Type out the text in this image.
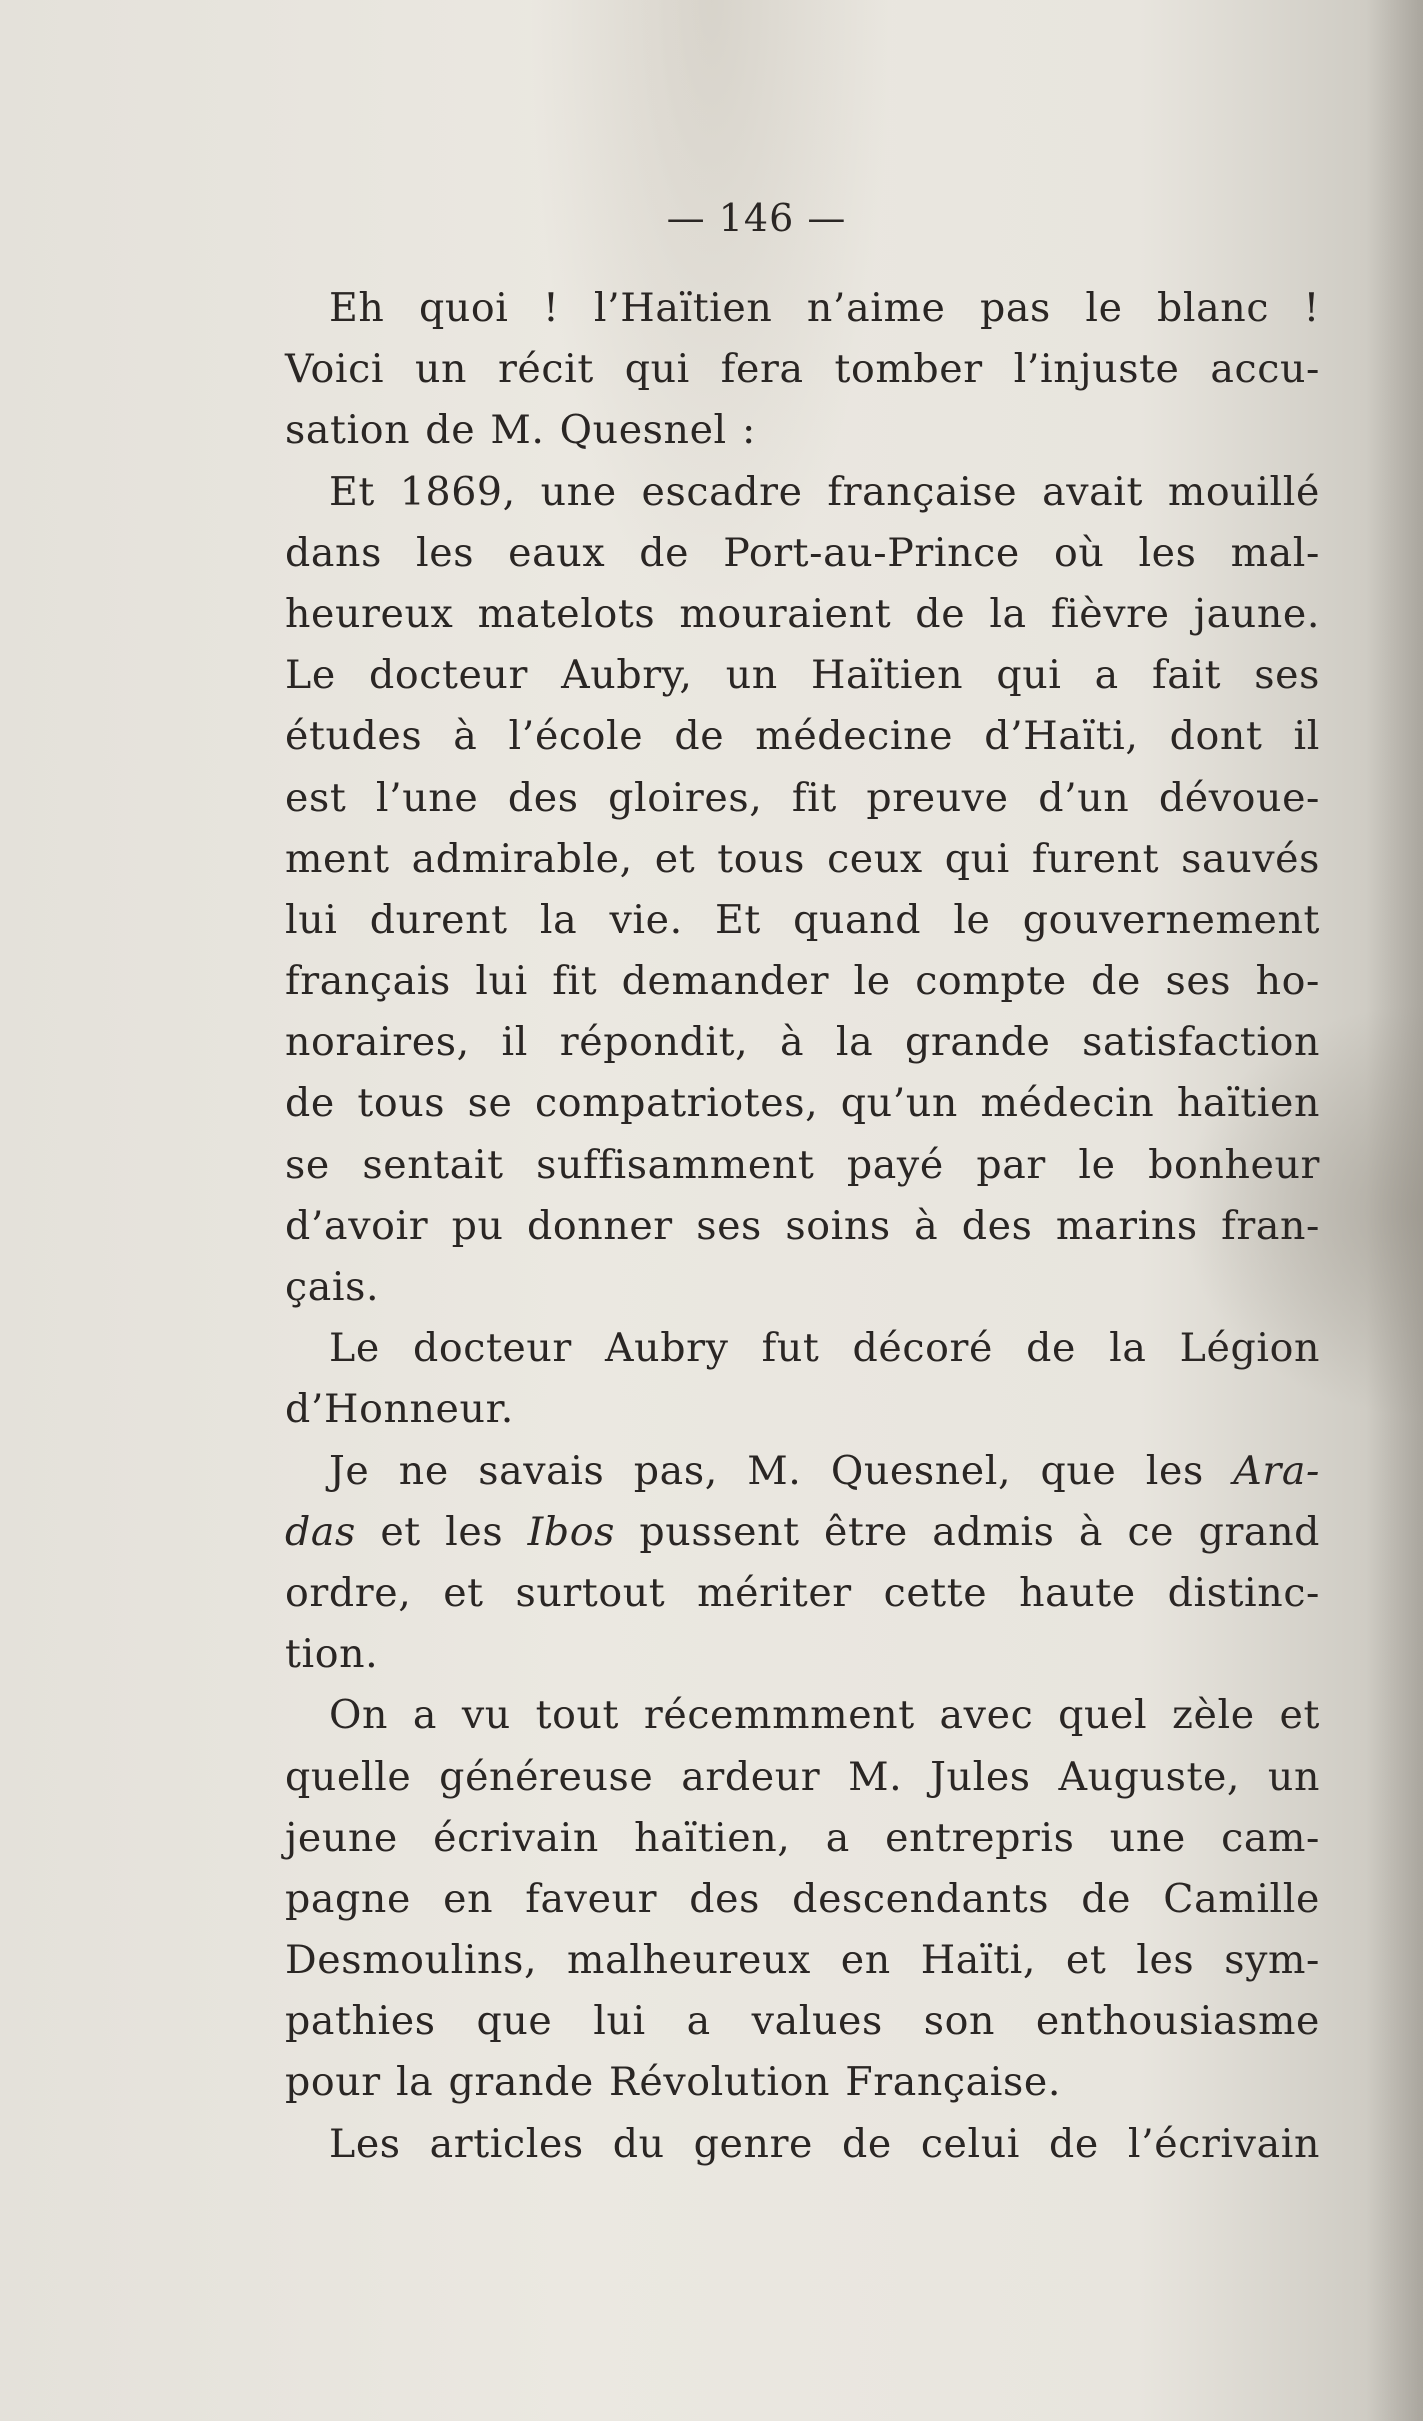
— 146 —
Eh quoi ! l’Haïtien n’aime pas le blanc !
Voici un récit qui fera tomber l’injuste accu-
sation de M. Quesnel :
Et 1869, une escadre française avait mouillé
dans les eaux de Port-au-Prince où les mal-
heureux matelots mouraient de la fièvre jaune.
Le docteur Aubry, un Haïtien qui a fait ses
études à l’école de médecine d’Haïti, dont il
est l’une des gloires, fit preuve d’un dévoue-
ment admirable, et tous ceux qui furent sauvés
lui durent la vie. Et quand le gouvernement
français lui fit demander le compte de ses ho-
noraires, il répondit, à la grande satisfaction
de tous se compatriotes, qu’un médecin haïtien
se sentait suffisamment payé par le bonheur
d’avoir pu donner ses soins à des marins fran-
çais.
Le docteur Aubry fut décoré de la Légion
d’Honneur.
Je ne savais pas, M. Quesnel, que les Ara-
das et les Ibos pussent être admis à ce grand
ordre, et surtout mériter cette haute distinc-
tion.
On a vu tout récemmment avec quel zèle et
quelle généreuse ardeur M. Jules Auguste, un
jeune écrivain haïtien, a entrepris une cam-
pagne en faveur des descendants de Camille
Desmoulins, malheureux en Haïti, et les sym-
pathies que lui a values son enthousiasme
pour la grande Révolution Française.
Les articles du genre de celui de l’écrivain
